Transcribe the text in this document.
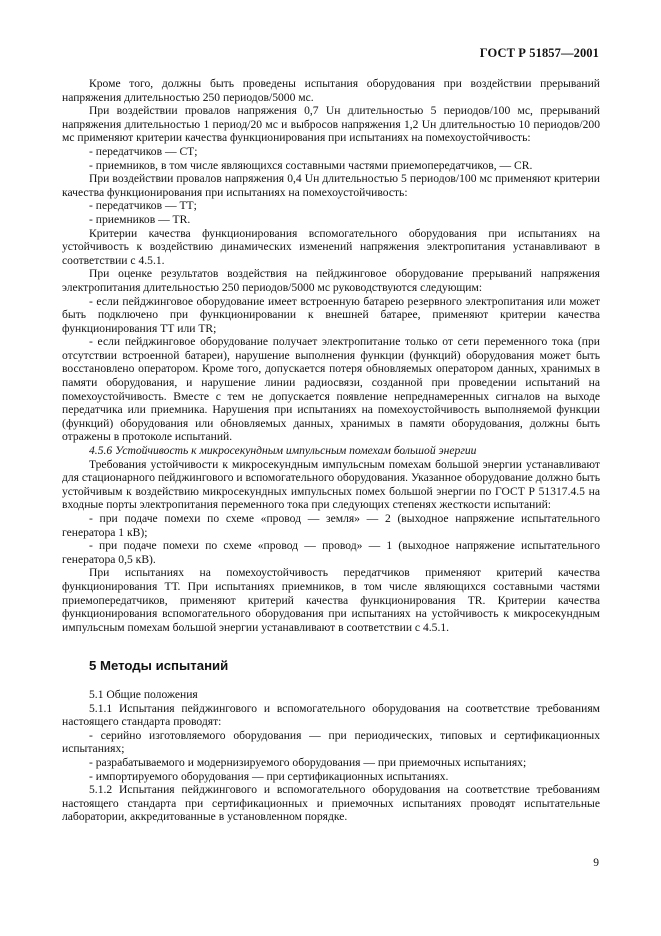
ГОСТ Р 51857—2001

Кроме того, должны быть проведены испытания оборудования при воздействии прерываний напряжения длительностью 250 периодов/5000 мс.

При воздействии провалов напряжения 0,7 Uн длительностью 5 периодов/100 мс, прерываний напряжения длительностью 1 период/20 мс и выбросов напряжения 1,2 Uн длительностью 10 периодов/200 мс применяют критерии качества функционирования при испытаниях на помехоустойчивость:

- передатчиков — СТ;

- приемников, в том числе являющихся составными частями приемопередатчиков, — CR.

При воздействии провалов напряжения 0,4 Uн длительностью 5 периодов/100 мс применяют критерии качества функционирования при испытаниях на помехоустойчивость:

- передатчиков — ТТ;

- приемников — TR.

Критерии качества функционирования вспомогательного оборудования при испытаниях на устойчивость к воздействию динамических изменений напряжения электропитания устанавливают в соответствии с 4.5.1.

При оценке результатов воздействия на пейджинговое оборудование прерываний напряжения электропитания длительностью 250 периодов/5000 мс руководствуются следующим:

- если пейджинговое оборудование имеет встроенную батарею резервного электропитания или может быть подключено при функционировании к внешней батарее, применяют критерии качества функционирования ТТ или TR;

- если пейджинговое оборудование получает электропитание только от сети переменного тока (при отсутствии встроенной батареи), нарушение выполнения функции (функций) оборудования может быть восстановлено оператором. Кроме того, допускается потеря обновляемых оператором данных, хранимых в памяти оборудования, и нарушение линии радиосвязи, созданной при проведении испытаний на помехоустойчивость. Вместе с тем не допускается появление непреднамеренных сигналов на выходе передатчика или приемника. Нарушения при испытаниях на помехоустойчивость выполняемой функции (функций) оборудования или обновляемых данных, хранимых в памяти оборудования, должны быть отражены в протоколе испытаний.

4.5.6 Устойчивость к микросекундным импульсным помехам большой энергии

Требования устойчивости к микросекундным импульсным помехам большой энергии устанавливают для стационарного пейджингового и вспомогательного оборудования. Указанное оборудование должно быть устойчивым к воздействию микросекундных импульсных помех большой энергии по ГОСТ Р 51317.4.5 на входные порты электропитания переменного тока при следующих степенях жесткости испытаний:

- при подаче помехи по схеме «провод — земля» — 2 (выходное напряжение испытательного генератора 1 кВ);

- при подаче помехи по схеме «провод — провод» — 1 (выходное напряжение испытательного генератора 0,5 кВ).

При испытаниях на помехоустойчивость передатчиков применяют критерий качества функционирования ТТ. При испытаниях приемников, в том числе являющихся составными частями приемопередатчиков, применяют критерий качества функционирования TR. Критерии качества функционирования вспомогательного оборудования при испытаниях на устойчивость к микросекундным импульсным помехам большой энергии устанавливают в соответствии с 4.5.1.

5 Методы испытаний

5.1 Общие положения

5.1.1 Испытания пейджингового и вспомогательного оборудования на соответствие требованиям настоящего стандарта проводят:

- серийно изготовляемого оборудования — при периодических, типовых и сертификационных испытаниях;

- разрабатываемого и модернизируемого оборудования — при приемочных испытаниях;

- импортируемого оборудования — при сертификационных испытаниях.

5.1.2 Испытания пейджингового и вспомогательного оборудования на соответствие требованиям настоящего стандарта при сертификационных и приемочных испытаниях проводят испытательные лаборатории, аккредитованные в установленном порядке.

9
